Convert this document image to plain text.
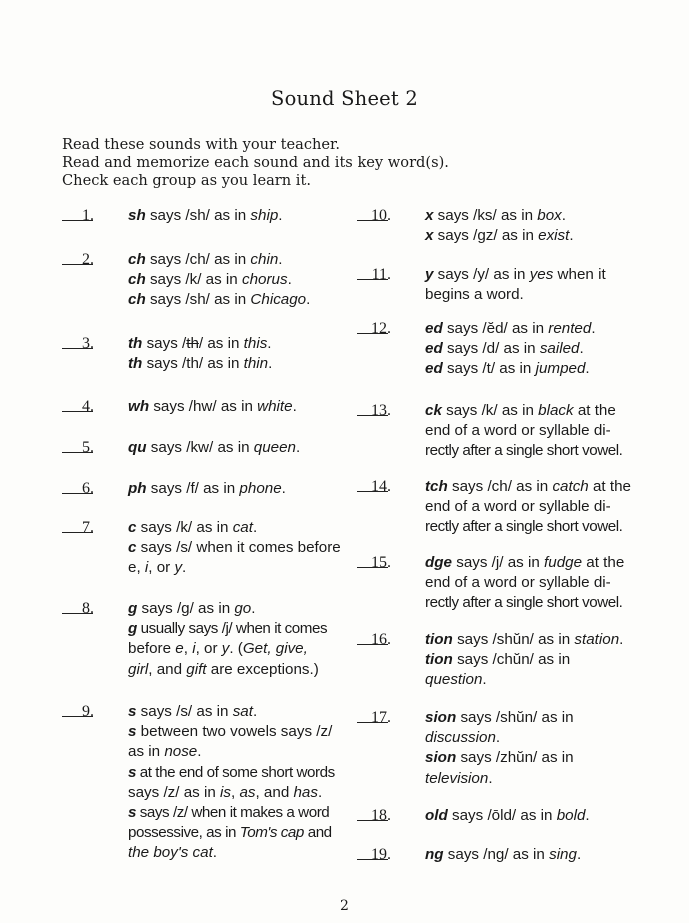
Sound Sheet 2
Read these sounds with your teacher.
Read and memorize each sound and its key word(s).
Check each group as you learn it.
1. sh says /sh/ as in ship.
2. ch says /ch/ as in chin.
ch says /k/ as in chorus.
ch says /sh/ as in Chicago.
3. th says /th/ as in this.
th says /th/ as in thin.
4. wh says /hw/ as in white.
5. qu says /kw/ as in queen.
6. ph says /f/ as in phone.
7. c says /k/ as in cat.
c says /s/ when it comes before
e, i, or y.
8. g says /g/ as in go.
g usually says /j/ when it comes
before e, i, or y. (Get, give,
girl, and gift are exceptions.)
9. s says /s/ as in sat.
s between two vowels says /z/
as in nose.
s at the end of some short words
says /z/ as in is, as, and has.
s says /z/ when it makes a word
possessive, as in Tom's cap and
the boy's cat.
10. x says /ks/ as in box.
x says /gz/ as in exist.
11. y says /y/ as in yes when it
begins a word.
12. ed says /ĕd/ as in rented.
ed says /d/ as in sailed.
ed says /t/ as in jumped.
13. ck says /k/ as in black at the
end of a word or syllable di-
rectly after a single short vowel.
14. tch says /ch/ as in catch at the
end of a word or syllable di-
rectly after a single short vowel.
15. dge says /j/ as in fudge at the
end of a word or syllable di-
rectly after a single short vowel.
16. tion says /shŭn/ as in station.
tion says /chŭn/ as in
question.
17. sion says /shŭn/ as in
discussion.
sion says /zhŭn/ as in
television.
18. old says /ōld/ as in bold.
19. ng says /ng/ as in sing.
2
